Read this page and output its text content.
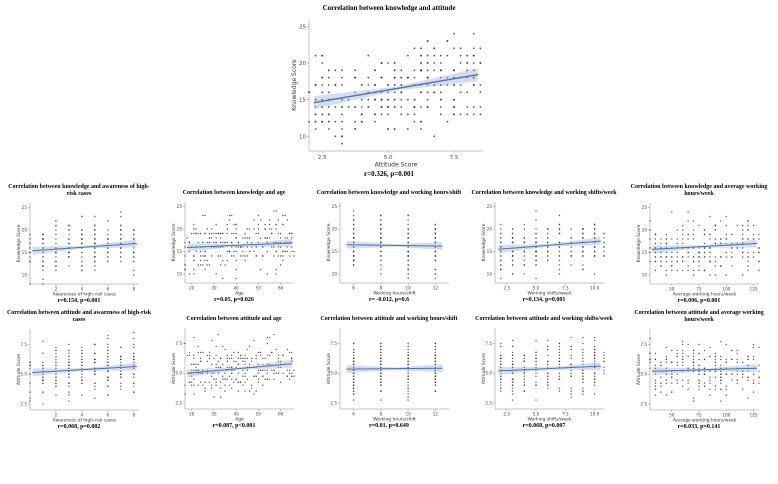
Correlation between knowledge and attitude
2.5	5.0	7.5
10
15
20
25
Attitude Score
Knowledge Score
r=0.326, p=0.001
Correlation between knowledge and awareness of high-risk cases
2	4	6	8
10
15
20
25
Awareness of high-risk cases
Knowledge Score
r=0.154, p=0.001
Correlation between knowledge and age
20	30	40	50	60
10
15
20
25
Age
Knowledge Score
r=0.05, p=0.026
Correlation between knowledge and working hours/shift
6	8	10	12
10
15
20
25
Working hours/shift
Knowledge Score
r= -0.012, p=0.6
Correlation between knowledge and working shifts/week
2.5	5.0	7.5	10.0
10
15
20
25
Working shifts/week
Knowledge Score
r=0.134, p=0.001
Correlation between knowledge and average working hours/week
50	75	100	125
10
15
20
25
Average working hours/week
Knowledge Score
r=0.096, p=0.001
Correlation between attitude and awareness of high-risk cases
2	4	6	8
2.5
5.0
7.5
Awareness of high-risk cases
Attitude Score
r=0.068, p=0.002
Correlation between attitude and age
20	30	40	50	60
2.5
5.0
7.5
Age
Attitude Score
r=0.087, p<0.001
Correlation between attitude and working hours/shift
6	8	10	12
2.5
5.0
7.5
Working hours/shift
Attitude Score
r=0.01, p=0.649
Correlation between attitude and working shifts/week
2.5	5.0	7.5	10.0
2.5
5.0
7.5
Working shifts/week
Attitude Score
r=0.068, p=0.007
Correlation between attitude and average working hours/week
50	75	100	125
2.5
5.0
7.5
Average working hours/week
Attitude Score
r=0.033, p=0.141
